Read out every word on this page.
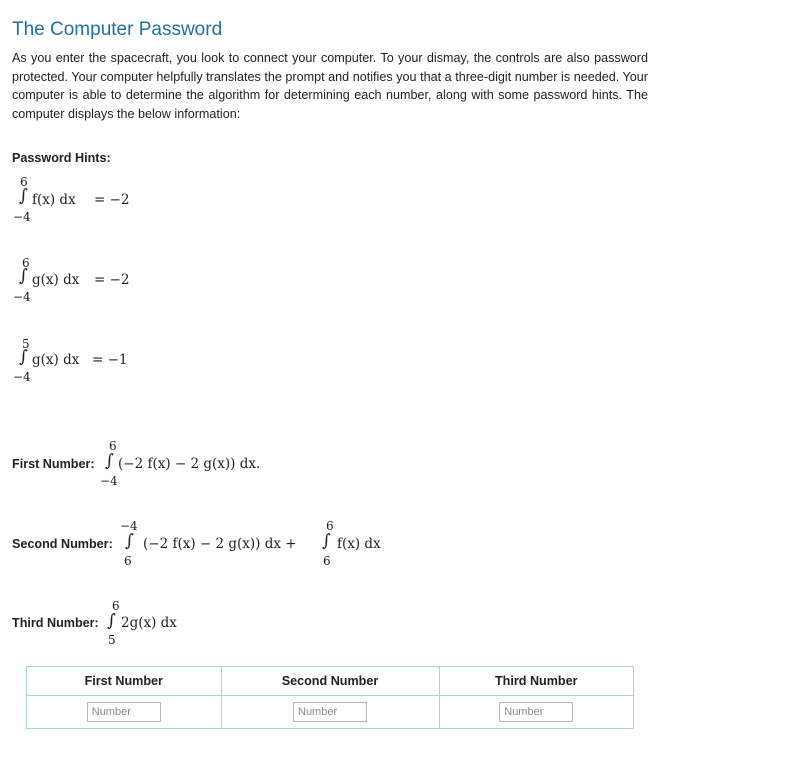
The Computer Password

As you enter the spacecraft, you look to connect your computer. To your dismay, the controls are also password protected. Your computer helpfully translates the prompt and notifies you that a three-digit number is needed. Your computer is able to determine the algorithm for determining each number, along with some password hints. The computer displays the below information:

Password Hints:
6
∫
−4
f(x) dx = −2
6
∫
−4
g(x) dx = −2
5
∫
−4
g(x) dx = −1
First Number:
6
∫
−4
(−2 f(x) − 2 g(x)) dx.
Second Number:
−4
∫
6
(−2 f(x) − 2 g(x)) dx +
6
∫
6
f(x) dx
Third Number:
6
∫
5
2g(x) dx
First Number	Second Number	Third Number
Number	Number	Number
